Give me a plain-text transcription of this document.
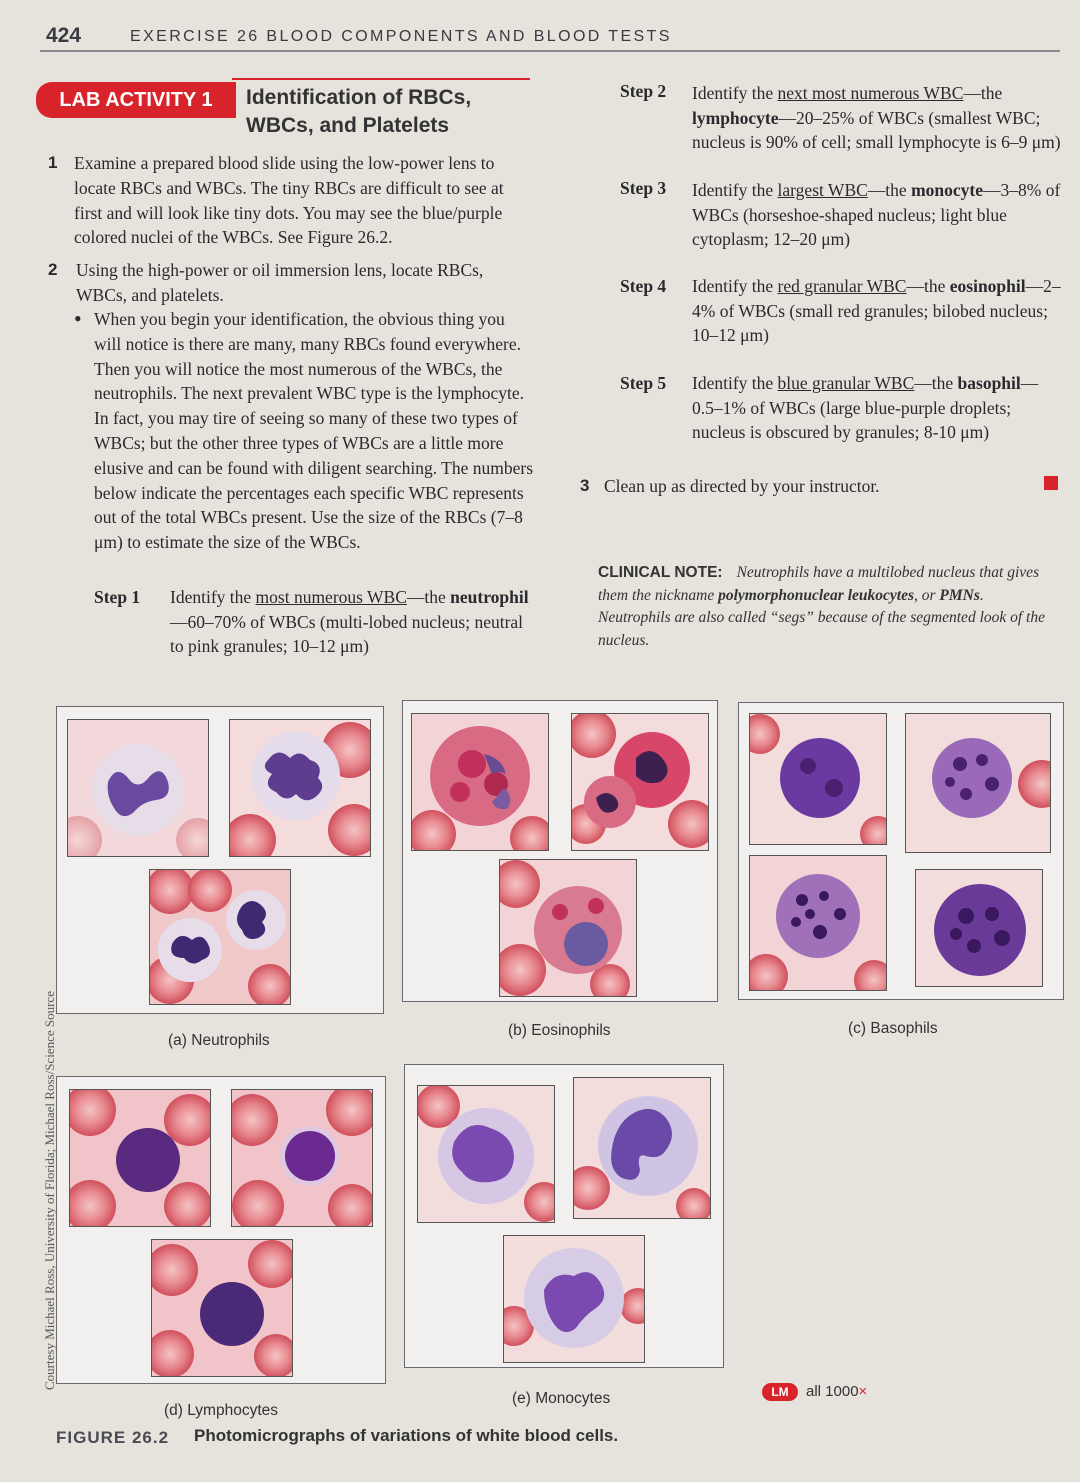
424	EXERCISE 26 BLOOD COMPONENTS AND BLOOD TESTS
LAB ACTIVITY 1	Identification of RBCs, WBCs, and Platelets
1 Examine a prepared blood slide using the low-power lens to locate RBCs and WBCs. The tiny RBCs are difficult to see at first and will look like tiny dots. You may see the blue/purple colored nuclei of the WBCs. See Figure 26.2.
2 Using the high-power or oil immersion lens, locate RBCs, WBCs, and platelets.
• When you begin your identification, the obvious thing you will notice is there are many, many RBCs found everywhere. Then you will notice the most numerous of the WBCs, the neutrophils. The next prevalent WBC type is the lymphocyte. In fact, you may tire of seeing so many of these two types of WBCs; but the other three types of WBCs are a little more elusive and can be found with diligent searching. The numbers below indicate the percentages each specific WBC represents out of the total WBCs present. Use the size of the RBCs (7–8 μm) to estimate the size of the WBCs.
Step 1 Identify the most numerous WBC—the neutrophil—60–70% of WBCs (multi-lobed nucleus; neutral to pink granules; 10–12 μm)
Step 2 Identify the next most numerous WBC—the lymphocyte—20–25% of WBCs (smallest WBC; nucleus is 90% of cell; small lymphocyte is 6–9 μm)
Step 3 Identify the largest WBC—the monocyte—3–8% of WBCs (horseshoe-shaped nucleus; light blue cytoplasm; 12–20 μm)
Step 4 Identify the red granular WBC—the eosinophil—2–4% of WBCs (small red granules; bilobed nucleus; 10–12 μm)
Step 5 Identify the blue granular WBC—the basophil—0.5–1% of WBCs (large blue-purple droplets; nucleus is obscured by granules; 8-10 μm)
3 Clean up as directed by your instructor.
CLINICAL NOTE: Neutrophils have a multilobed nucleus that gives them the nickname polymorphonuclear leukocytes, or PMNs. Neutrophils are also called “segs” because of the segmented look of the nucleus.
(a) Neutrophils
(b) Eosinophils	(c) Basophils
(d) Lymphocytes
(e) Monocytes	LM	all 1000×
Courtesy Michael Ross, University of Florida; Michael Ross/Science Source
FIGURE 26.2 Photomicrographs of variations of white blood cells.
